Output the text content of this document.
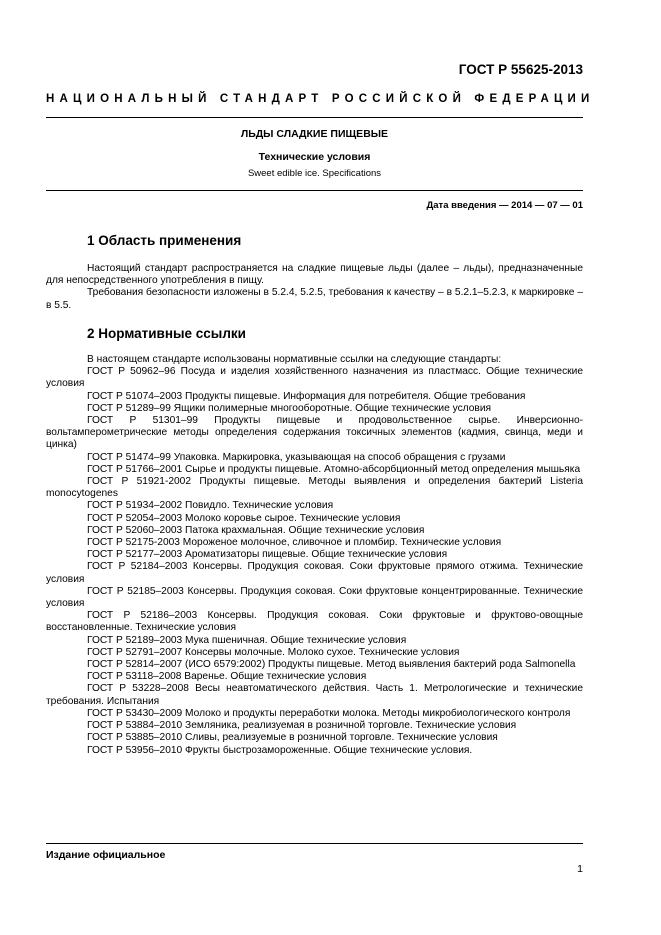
ГОСТ Р 55625-2013
НАЦИОНАЛЬНЫЙ СТАНДАРТ РОССИЙСКОЙ ФЕДЕРАЦИИ
ЛЬДЫ СЛАДКИЕ ПИЩЕВЫЕ
Технические условия
Sweet edible ice. Specifications
Дата введения — 2014 — 07 — 01
1 Область применения

Настоящий стандарт распространяется на сладкие пищевые льды (далее – льды), предназначенные для непосредственного употребления в пищу.

Требования безопасности изложены в 5.2.4, 5.2.5, требования к качеству – в 5.2.1–5.2.3, к маркировке – в 5.5.

2 Нормативные ссылки

В настоящем стандарте использованы нормативные ссылки на следующие стандарты:

ГОСТ Р 50962–96 Посуда и изделия хозяйственного назначения из пластмасс. Общие технические условия

ГОСТ Р 51074–2003 Продукты пищевые. Информация для потребителя. Общие требования

ГОСТ Р 51289–99 Ящики полимерные многооборотные. Общие технические условия

ГОСТ Р 51301–99 Продукты пищевые и продовольственное сырье. Инверсионно-вольтамперометрические методы определения содержания токсичных элементов (кадмия, свинца, меди и цинка)

ГОСТ Р 51474–99 Упаковка. Маркировка, указывающая на способ обращения с грузами

ГОСТ Р 51766–2001 Сырье и продукты пищевые. Атомно-абсорбционный метод определения мышьяка

ГОСТ Р 51921-2002 Продукты пищевые. Методы выявления и определения бактерий Listeria monocytogenes

ГОСТ Р 51934–2002 Повидло. Технические условия

ГОСТ Р 52054–2003 Молоко коровье сырое. Технические условия

ГОСТ Р 52060–2003 Патока крахмальная. Общие технические условия

ГОСТ Р 52175-2003 Мороженое молочное, сливочное и пломбир. Технические условия

ГОСТ Р 52177–2003 Ароматизаторы пищевые. Общие технические условия

ГОСТ Р 52184–2003 Консервы. Продукция соковая. Соки фруктовые прямого отжима. Технические условия

ГОСТ Р 52185–2003 Консервы. Продукция соковая. Соки фруктовые концентрированные. Технические условия

ГОСТ Р 52186–2003 Консервы. Продукция соковая. Соки фруктовые и фруктово-овощные восстановленные. Технические условия

ГОСТ Р 52189–2003 Мука пшеничная. Общие технические условия

ГОСТ Р 52791–2007 Консервы молочные. Молоко сухое. Технические условия

ГОСТ Р 52814–2007 (ИСО 6579:2002) Продукты пищевые. Метод выявления бактерий рода Salmonella

ГОСТ Р 53118–2008 Варенье. Общие технические условия

ГОСТ Р 53228–2008 Весы неавтоматического действия. Часть 1. Метрологические и технические требования. Испытания

ГОСТ Р 53430–2009 Молоко и продукты переработки молока. Методы микробиологического контроля

ГОСТ Р 53884–2010 Земляника, реализуемая в розничной торговле. Технические условия

ГОСТ Р 53885–2010 Сливы, реализуемые в розничной торговле. Технические условия

ГОСТ Р 53956–2010 Фрукты быстрозамороженные. Общие технические условия.

Издание официальное
1
